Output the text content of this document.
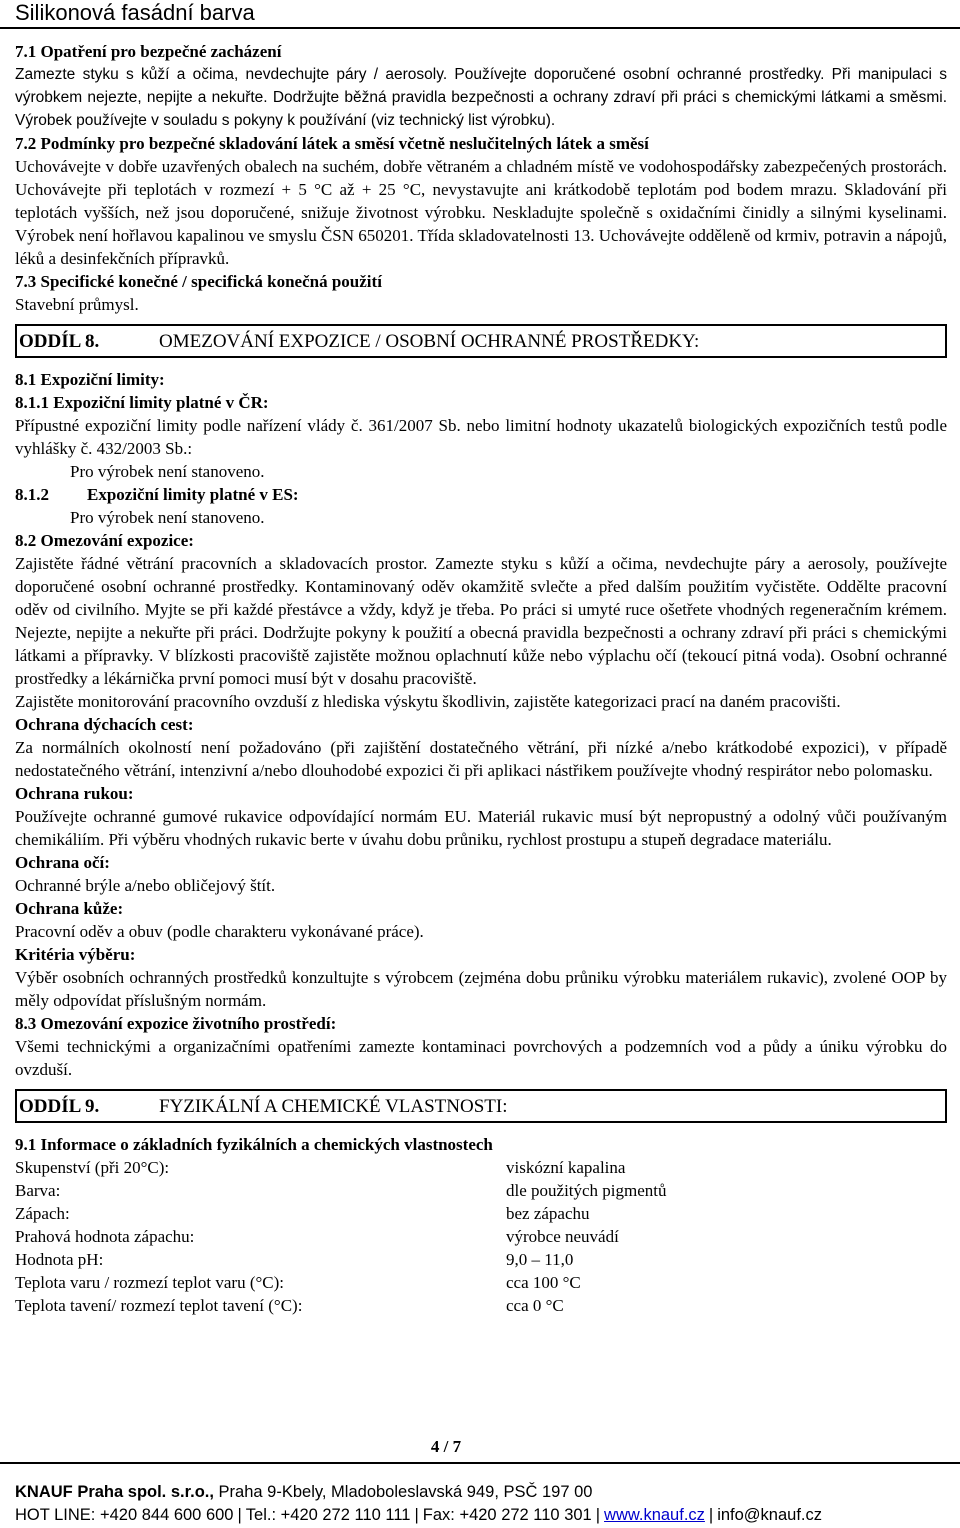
Silikonová fasádní barva

7.1 Opatření pro bezpečné zacházení

Zamezte styku s kůží a očima, nevdechujte páry / aerosoly. Používejte doporučené osobní ochranné prostředky. Při manipulaci s výrobkem nejezte, nepijte a nekuřte. Dodržujte běžná pravidla bezpečnosti a ochrany zdraví při práci s chemickými látkami a směsmi. Výrobek používejte v souladu s pokyny k používání (viz technický list výrobku).

7.2 Podmínky pro bezpečné skladování látek a směsí včetně neslučitelných látek a směsí

Uchovávejte v dobře uzavřených obalech na suchém, dobře větraném a chladném místě ve vodohospodářsky zabezpečených prostorách. Uchovávejte při teplotách v rozmezí + 5 °C až + 25 °C, nevystavujte ani krátkodobě teplotám pod bodem mrazu. Skladování při teplotách vyšších, než jsou doporučené, snižuje životnost výrobku. Neskladujte společně s oxidačními činidly a silnými kyselinami. Výrobek není hořlavou kapalinou ve smyslu ČSN 650201. Třída skladovatelnosti 13. Uchovávejte odděleně od krmiv, potravin a nápojů, léků a desinfekčních přípravků.

7.3 Specifické konečné / specifická konečná použití

Stavební průmysl.

ODDÍL 8.	OMEZOVÁNÍ EXPOZICE / OSOBNÍ OCHRANNÉ PROSTŘEDKY:

8.1 Expoziční limity:

8.1.1 Expoziční limity platné v ČR:

Přípustné expoziční limity podle nařízení vlády č. 361/2007 Sb. nebo limitní hodnoty ukazatelů biologických expozičních testů podle vyhlášky č. 432/2003 Sb.:

Pro výrobek není stanoveno.

8.1.2	Expoziční limity platné v ES:

Pro výrobek není stanoveno.

8.2 Omezování expozice:

Zajistěte řádné větrání pracovních a skladovacích prostor. Zamezte styku s kůží a očima, nevdechujte páry a aerosoly, používejte doporučené osobní ochranné prostředky. Kontaminovaný oděv okamžitě svlečte a před dalším použitím vyčistěte. Oddělte pracovní oděv od civilního. Myjte se při každé přestávce a vždy, když je třeba. Po práci si umyté ruce ošetřete vhodných regeneračním krémem. Nejezte, nepijte a nekuřte při práci. Dodržujte pokyny k použití a obecná pravidla bezpečnosti a ochrany zdraví při práci s chemickými látkami a přípravky. V blízkosti pracoviště zajistěte možnou oplachnutí kůže nebo výplachu očí (tekoucí pitná voda). Osobní ochranné prostředky a lékárnička první pomoci musí být v dosahu pracoviště.

Zajistěte monitorování pracovního ovzduší z hlediska výskytu škodlivin, zajistěte kategorizaci prací na daném pracovišti.

Ochrana dýchacích cest:

Za normálních okolností není požadováno (při zajištění dostatečného větrání, při nízké a/nebo krátkodobé expozici), v případě nedostatečného větrání, intenzivní a/nebo dlouhodobé expozici či při aplikaci nástřikem používejte vhodný respirátor nebo polomasku.

Ochrana rukou:

Používejte ochranné gumové rukavice odpovídající normám EU. Materiál rukavic musí být nepropustný a odolný vůči používaným chemikáliím. Při výběru vhodných rukavic berte v úvahu dobu průniku, rychlost prostupu a stupeň degradace materiálu.

Ochrana očí:

Ochranné brýle a/nebo obličejový štít.

Ochrana kůže:

Pracovní oděv a obuv (podle charakteru vykonávané práce).

Kritéria výběru:

Výběr osobních ochranných prostředků konzultujte s výrobcem (zejména dobu průniku výrobku materiálem rukavic), zvolené OOP by měly odpovídat příslušným normám.

8.3 Omezování expozice životního prostředí:

Všemi technickými a organizačními opatřeními zamezte kontaminaci povrchových a podzemních vod a půdy a úniku výrobku do ovzduší.

ODDÍL 9.	FYZIKÁLNÍ A CHEMICKÉ VLASTNOSTI:

9.1 Informace o základních fyzikálních a chemických vlastnostech

Skupenství (při 20°C):	viskózní kapalina
Barva:	dle použitých pigmentů
Zápach:	bez zápachu
Prahová hodnota zápachu:	výrobce neuvádí
Hodnota pH:	9,0 – 11,0
Teplota varu / rozmezí teplot varu (°C):	cca 100 °C
Teplota tavení/ rozmezí teplot tavení (°C):	cca 0 °C
4 / 7
KNAUF Praha spol. s.r.o., Praha 9-Kbely, Mladoboleslavská 949, PSČ 197 00
HOT LINE: +420 844 600 600 | Tel.: +420 272 110 111 | Fax: +420 272 110 301 | www.knauf.cz | info@knauf.cz
